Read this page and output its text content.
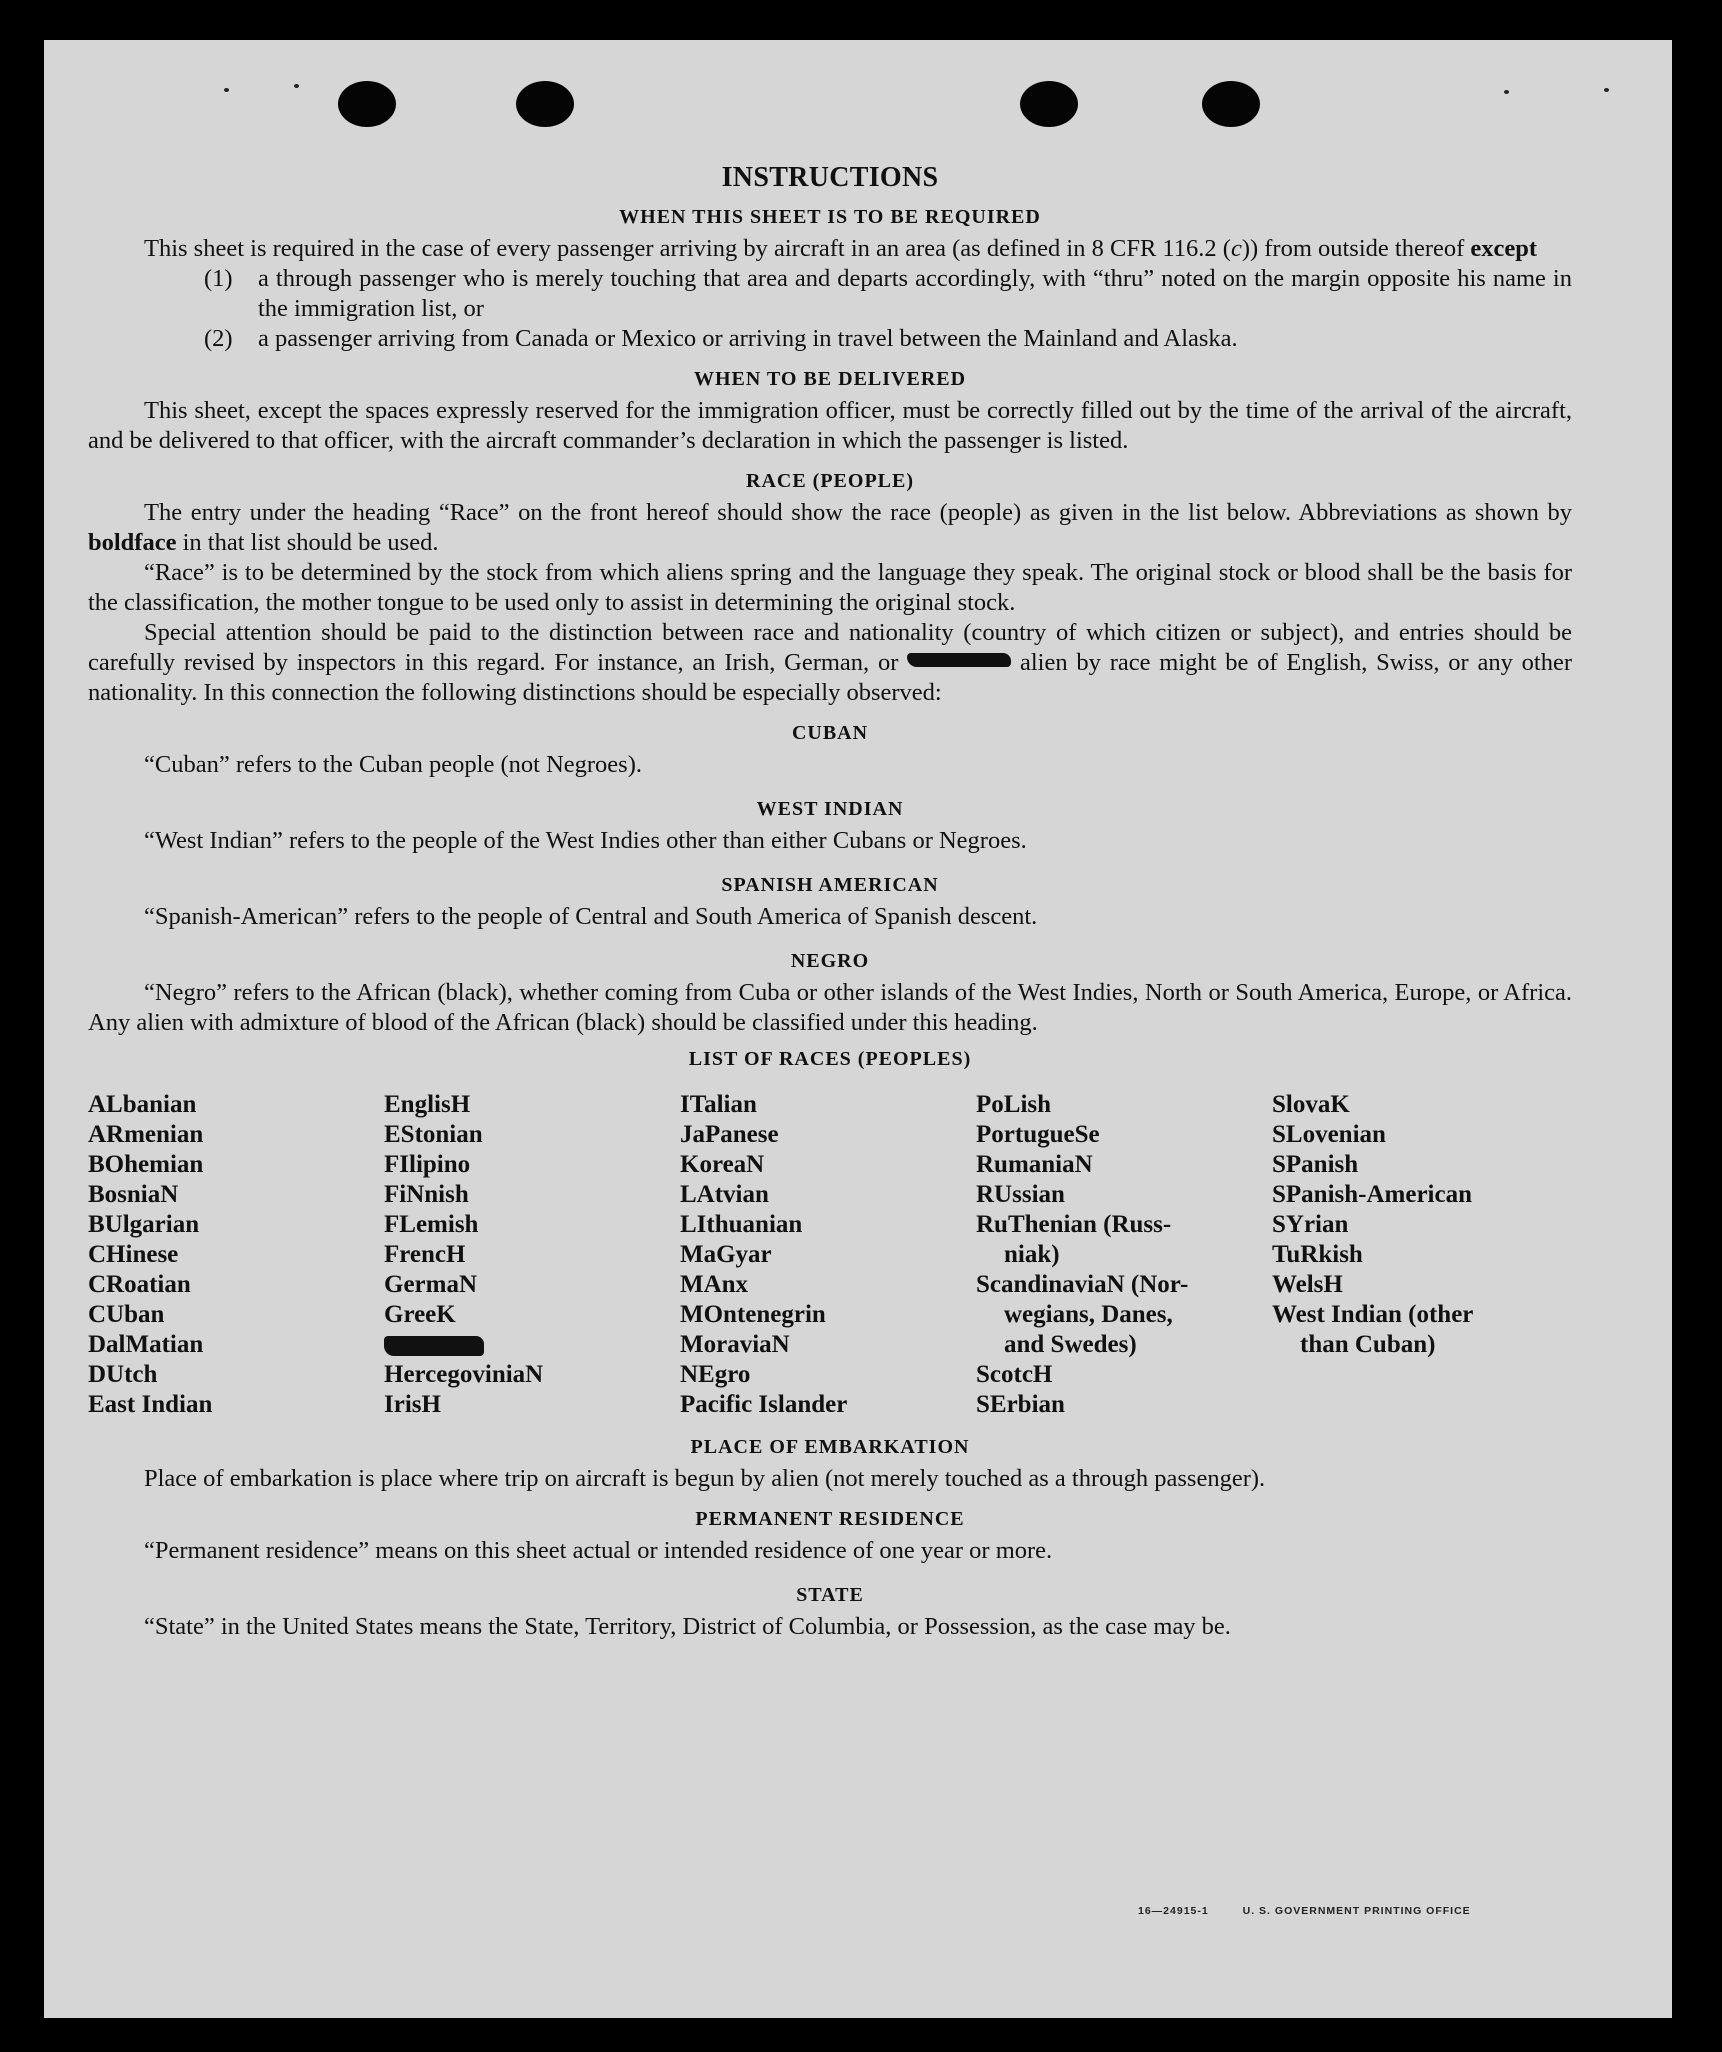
INSTRUCTIONS
WHEN THIS SHEET IS TO BE REQUIRED

This sheet is required in the case of every passenger arriving by aircraft in an area (as defined in 8 CFR 116.2 (c)) from outside thereof except

(1)	a through passenger who is merely touching that area and departs accordingly, with “thru” noted on the margin opposite his name in the immigration list, or
(2)	a passenger arriving from Canada or Mexico or arriving in travel between the Mainland and Alaska.
WHEN TO BE DELIVERED

This sheet, except the spaces expressly reserved for the immigration officer, must be correctly filled out by the time of the arrival of the aircraft, and be delivered to that officer, with the aircraft commander’s declaration in which the passenger is listed.

RACE (PEOPLE)

The entry under the heading “Race” on the front hereof should show the race (people) as given in the list below. Abbreviations as shown by boldface in that list should be used.

“Race” is to be determined by the stock from which aliens spring and the language they speak. The original stock or blood shall be the basis for the classification, the mother tongue to be used only to assist in determining the original stock.

Special attention should be paid to the distinction between race and nationality (country of which citizen or subject), and entries should be carefully revised by inspectors in this regard. For instance, an Irish, German, or	alien by race might be of English, Swiss, or any other nationality. In this connection the following distinctions should be especially observed:

CUBAN

“Cuban” refers to the Cuban people (not Negroes).

WEST INDIAN

“West Indian” refers to the people of the West Indies other than either Cubans or Negroes.

SPANISH AMERICAN

“Spanish-American” refers to the people of Central and South America of Spanish descent.

NEGRO

“Negro” refers to the African (black), whether coming from Cuba or other islands of the West Indies, North or South America, Europe, or Africa. Any alien with admixture of blood of the African (black) should be classified under this heading.

LIST OF RACES (PEOPLES)
ALbanian
ARmenian
BOhemian
BosniaN
BUlgarian
CHinese
CRoatian
CUban
DalMatian
DUtch
East Indian
EnglisH
EStonian
FIlipino
FiNnish
FLemish
FrencH
GermaN
GreeK
HercegoviniaN
IrisH
ITalian
JaPanese
KoreaN
LAtvian
LIthuanian
MaGyar
MAnx
MOntenegrin
MoraviaN
NEgro
Pacific Islander
PoLish
PortugueSe
RumaniaN
RUssian
RuThenian (Russ-
niak)
ScandinaviaN (Nor-
wegians, Danes,
and Swedes)
ScotcH
SErbian
SlovaK
SLovenian
SPanish
SPanish-American
SYrian
TuRkish
WelsH
West Indian (other
than Cuban)
PLACE OF EMBARKATION

Place of embarkation is place where trip on aircraft is begun by alien (not merely touched as a through passenger).

PERMANENT RESIDENCE

“Permanent residence” means on this sheet actual or intended residence of one year or more.

STATE

“State” in the United States means the State, Territory, District of Columbia, or Possession, as the case may be.

16—24915-1	U. S. GOVERNMENT PRINTING OFFICE
